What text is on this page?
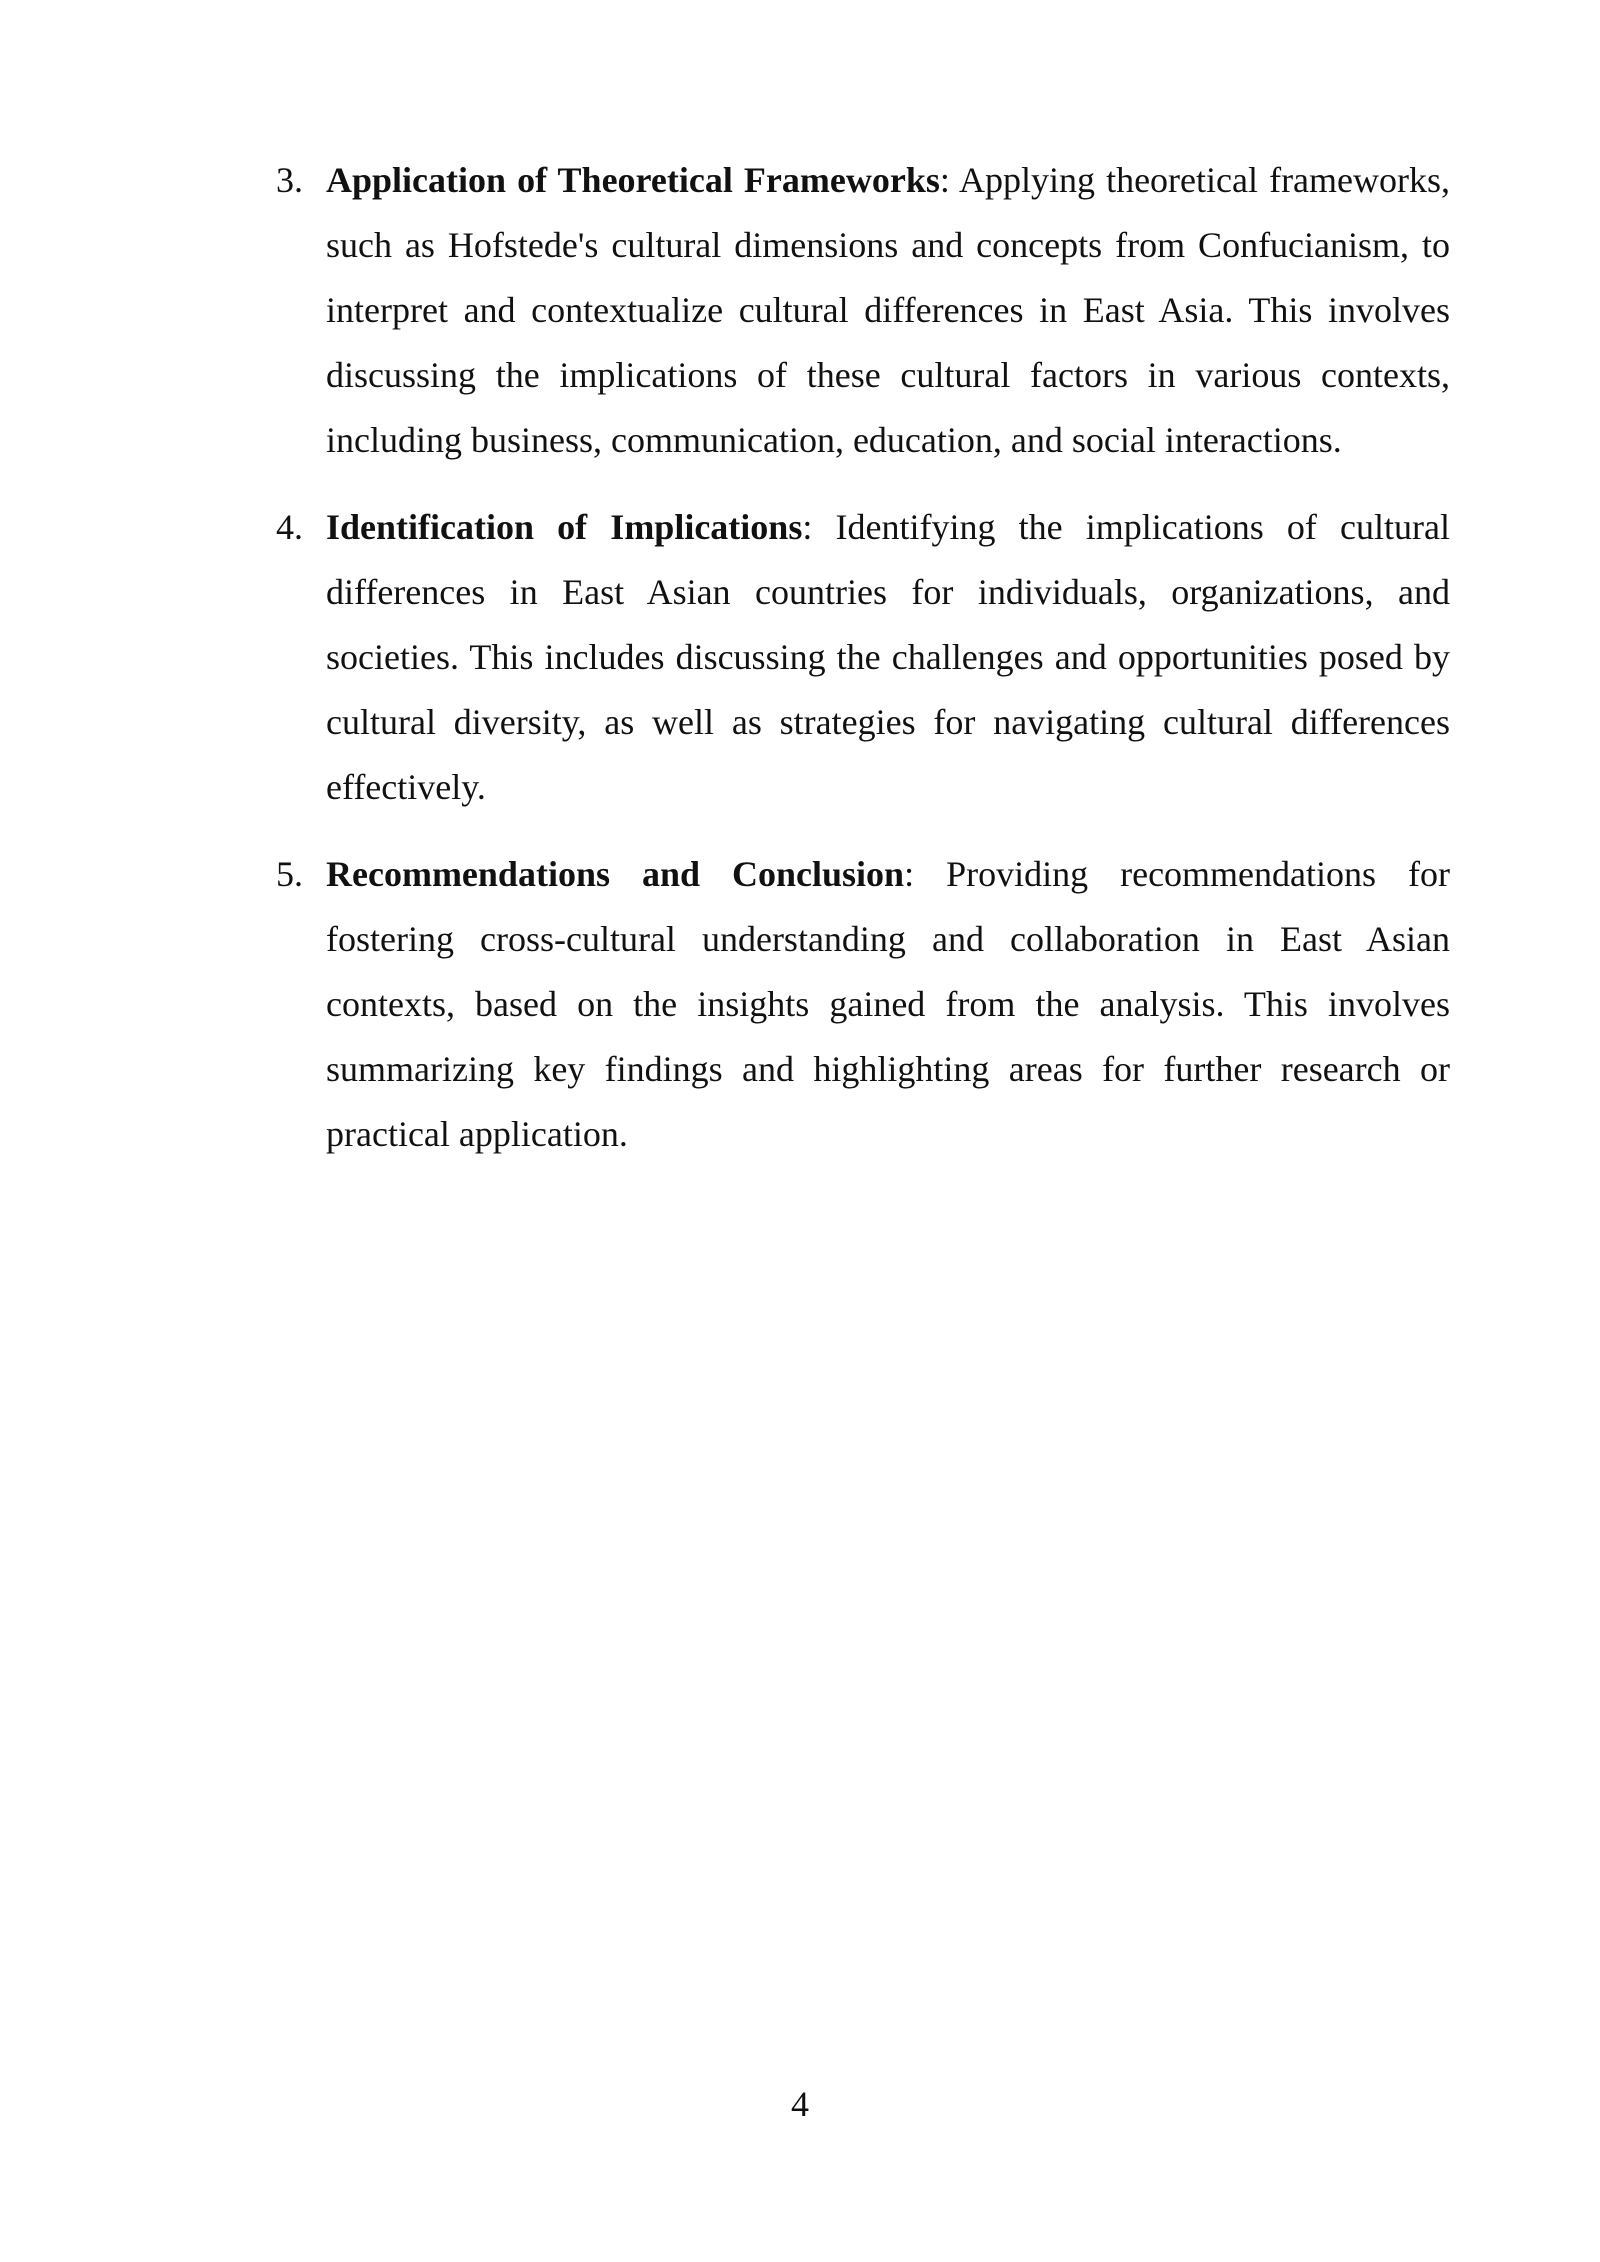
3. Application of Theoretical Frameworks: Applying theoretical frameworks, such as Hofstede's cultural dimensions and concepts from Confucianism, to interpret and contextualize cultural differences in East Asia. This involves discussing the implications of these cultural factors in various contexts, including business, communication, education, and social interactions.
4. Identification of Implications: Identifying the implications of cultural differences in East Asian countries for individuals, organizations, and societies. This includes discussing the challenges and opportunities posed by cultural diversity, as well as strategies for navigating cultural differences effectively.
5. Recommendations and Conclusion: Providing recommendations for fostering cross-cultural understanding and collaboration in East Asian contexts, based on the insights gained from the analysis. This involves summarizing key findings and highlighting areas for further research or practical application.
4
